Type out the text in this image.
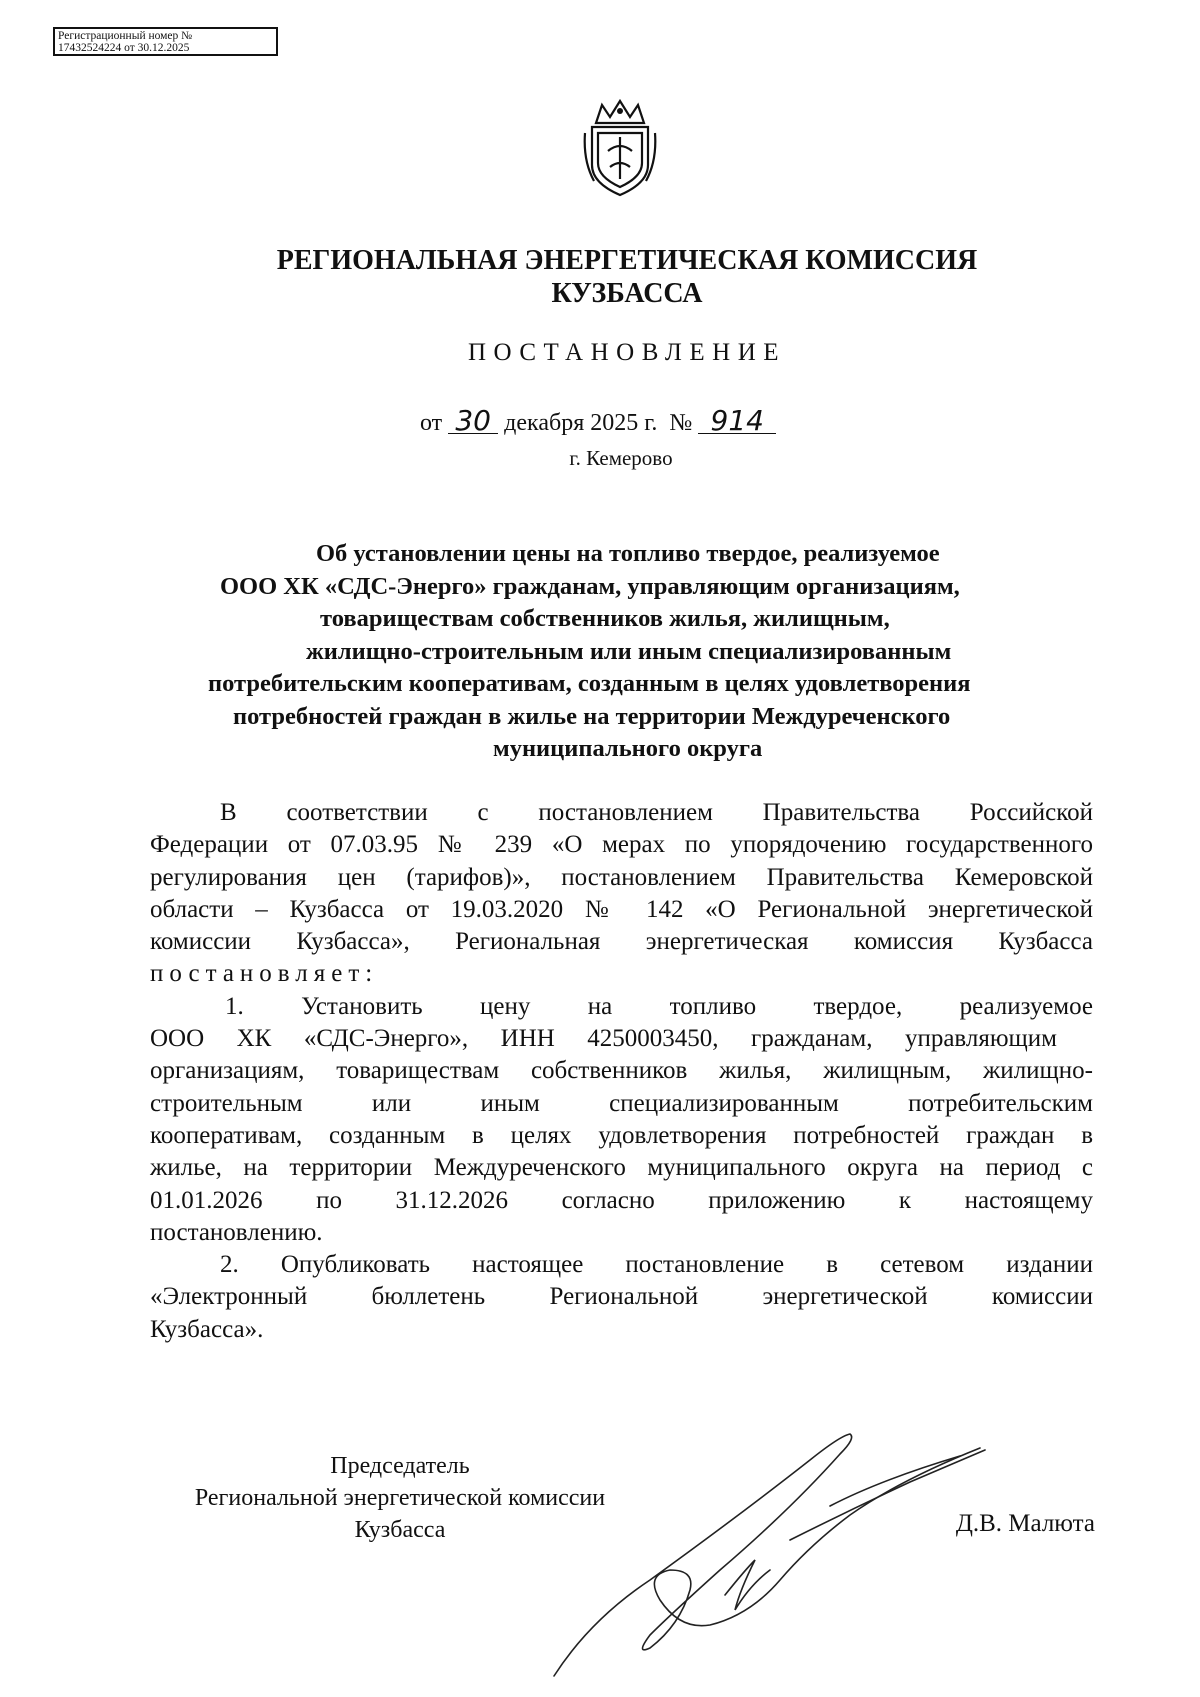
Регистрационный номер №
17432524224 от 30.12.2025
РЕГИОНАЛЬНАЯ ЭНЕРГЕТИЧЕСКАЯ КОМИССИЯ
КУЗБАССА
ПОСТАНОВЛЕНИЕ
от 30 декабря 2025 г. № 914
г. Кемерово
Об установлении цены на топливо твердое, реализуемое
ООО ХК «СДС-Энерго» гражданам, управляющим организациям,
товариществам собственников жилья, жилищным,
жилищно-строительным или иным специализированным
потребительским кооперативам, созданным в целях удовлетворения
потребностей граждан в жилье на территории Междуреченского
муниципального округа
В соответствии с постановлением Правительства Российской
Федерации от 07.03.95 № 239 «О мерах по упорядочению государственного
регулирования цен (тарифов)», постановлением Правительства Кемеровской
области – Кузбасса от 19.03.2020 № 142 «О Региональной энергетической
комиссии Кузбасса», Региональная энергетическая комиссия Кузбасса
постановляет:
1. Установить цену на топливо твердое, реализуемое
ООО ХК «СДС-Энерго», ИНН 4250003450, гражданам, управляющим
организациям, товариществам собственников жилья, жилищным, жилищно-
строительным или иным специализированным потребительским
кооперативам, созданным в целях удовлетворения потребностей граждан в
жилье, на территории Междуреченского муниципального округа на период с
01.01.2026 по 31.12.2026 согласно приложению к настоящему
постановлению.
2. Опубликовать настоящее постановление в сетевом издании
«Электронный бюллетень Региональной энергетической комиссии
Кузбасса».
Председатель
Региональной энергетической комиссии
Кузбасса	Д.В. Малюта
